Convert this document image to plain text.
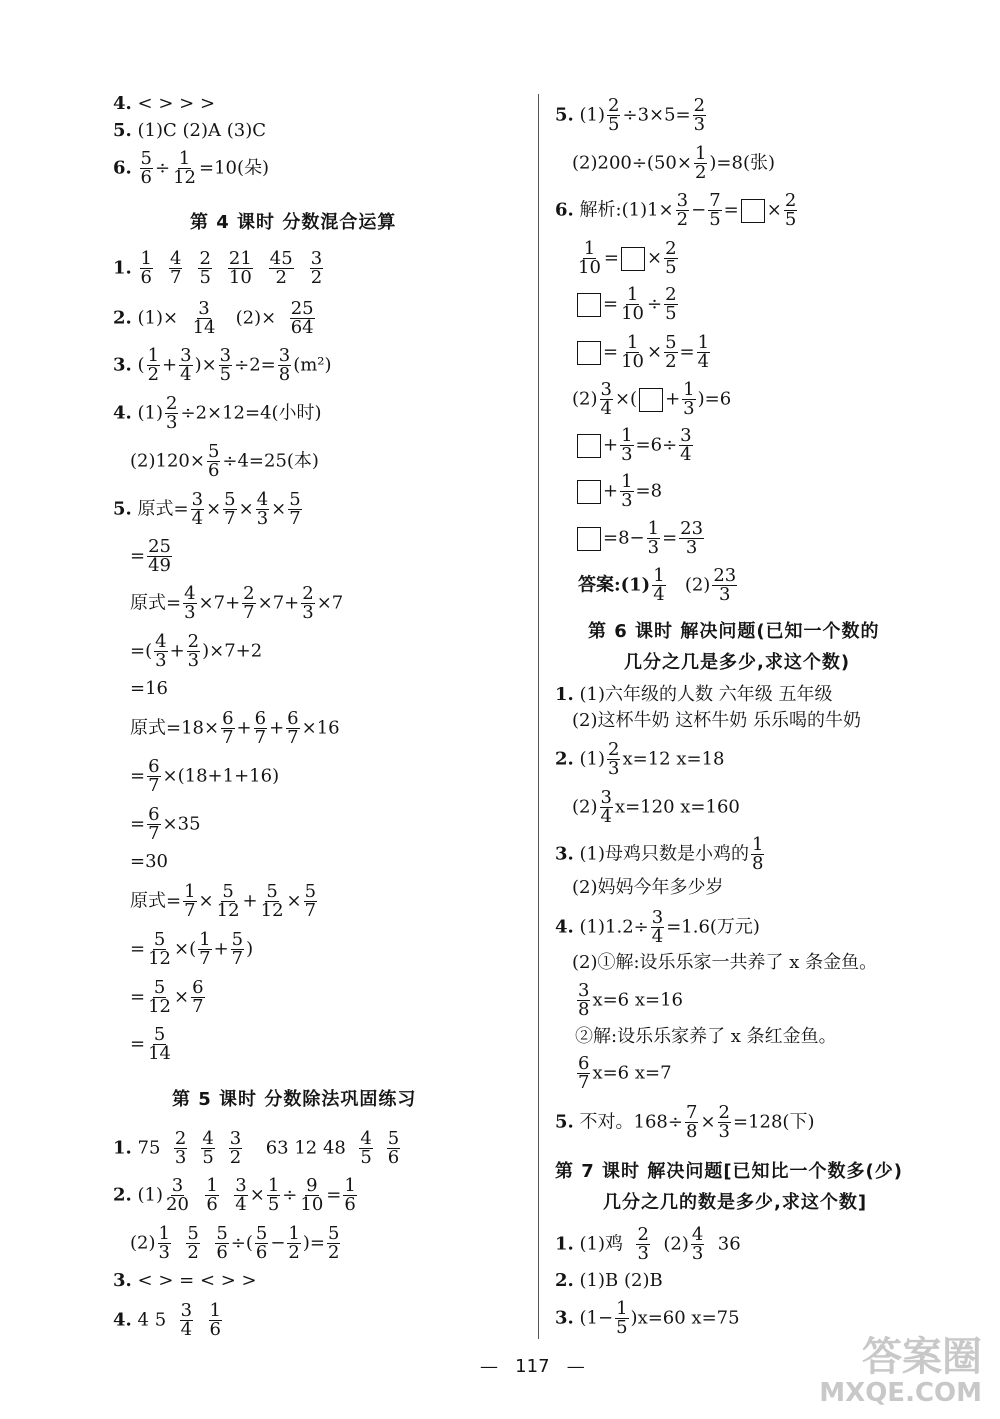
4. < > > >
5. (1)C (2)A (3)C
6. $\frac{5}{6} \div \frac{1}{12} =10$(朵)
第 4 课时 分数混合运算
1. $\frac{1}{6} \frac{4}{7} \frac{2}{5} \frac{21}{10} \frac{45}{2} \frac{3}{2}$
2. $(1)\times \frac{3}{14} (2)\times \frac{25}{64}$
3. ( $\frac{1}{2} + \frac{3}{4}$ )× $\frac{3}{5} \div 2= \frac{3}{8} (m^2)$
4. $(1) \frac{2}{3} \div 2\times 12=4$(小时)
$(2)120\times \frac{5}{6} \div 4=25$(本)
5. 原式= $\frac{3}{4} \times \frac{5}{7} \times \frac{4}{3} \times \frac{5}{7}$
= $\frac{25}{49}$
原式= $\frac{4}{3} \times 7+ \frac{2}{7} \times 7+ \frac{2}{3} \times 7$
=( $\frac{4}{3} + \frac{2}{3} )\times 7+2$
=16
原式$=18\times \frac{6}{7} + \frac{6}{7} + \frac{6}{7} \times 16$
= $\frac{6}{7} \times(18+1+16)$
= $\frac{6}{7} \times 35$
=30
原式= $\frac{1}{7} \times \frac{5}{12} + \frac{5}{12} \times \frac{5}{7}$
= $\frac{5}{12}$ ×( $\frac{1}{7} + \frac{5}{7}$ )
= $\frac{5}{12} \times \frac{6}{7}$
= $\frac{5}{14}$
第 5 课时 分数除法巩固练习
1. $75 \frac{2}{3} \frac{4}{5} \frac{3}{2} 63$ 12 $48 \frac{4}{5} \frac{5}{6}$
2. $(1) \frac{3}{20}$
$\frac{1}{6}$
$\frac{3}{4} \times \frac{1}{5} \div \frac{9}{10} = \frac{1}{6}$
$(2) \frac{1}{3}$
$\frac{5}{2}$
$\frac{5}{6}$ ÷( $\frac{5}{6} - \frac{1}{2}$ )= $\frac{5}{2}$
3. < > = < > >
4. 4 $5 \frac{3}{4}$
$\frac{1}{6}$
5. $(1) \frac{2}{5} \div 3\times 5= \frac{2}{3}$
$(2)200\div(50\times \frac{1}{2} )=8$(张)
6. 解析:(1)1× $\frac{3}{2} - \frac{7}{5}$ = × $\frac{2}{5}$
$\frac{1}{10}$ = × $\frac{2}{5}$
= $\frac{1}{10} \div \frac{2}{5}$
= $\frac{1}{10} \times \frac{5}{2} = \frac{1}{4}$
$(2) \frac{3}{4}$ ×( + $\frac{1}{3} )=6$
+ $\frac{1}{3} =6\div \frac{3}{4}$
+ $\frac{1}{3} =8$
$=8- \frac{1}{3} = \frac{23}{3}$
答案:(1) $\frac{1}{4} (2) \frac{23}{3}$
第 6 课时 解决问题(已知一个数的
几分之几是多少,求这个数)
1. (1)六年级的人数 六年级 五年级
(2)这杯牛奶 这杯牛奶 乐乐喝的牛奶
2. $(1) \frac{2}{3} x=12$ x=18
$(2) \frac{3}{4} x=120$ x=160
3. (1)母鸡只数是小鸡的 $\frac{1}{8}$
(2)妈妈今年多少岁
4. $(1)1.2\div \frac{3}{4} =1.6$(万元)
(2)①解:设乐乐家一共养了 x 条金鱼。
$\frac{3}{8} x=6$ x=16
②解:设乐乐家养了 x 条红金鱼。
$\frac{6}{7} x=6$ x=7
5. 不对。$168\div \frac{7}{8} \times \frac{2}{3} =128$(下)
第 7 课时 解决问题[已知比一个数多(少)
几分之几的数是多少,求这个数]
1. (1)鸡 $\frac{2}{3} (2) \frac{4}{3} 36$
2. (1)B (2)B
3. $(1- \frac{1}{5} )x=60$ x=75
— 117 —	答案圈
MXQE.COM
